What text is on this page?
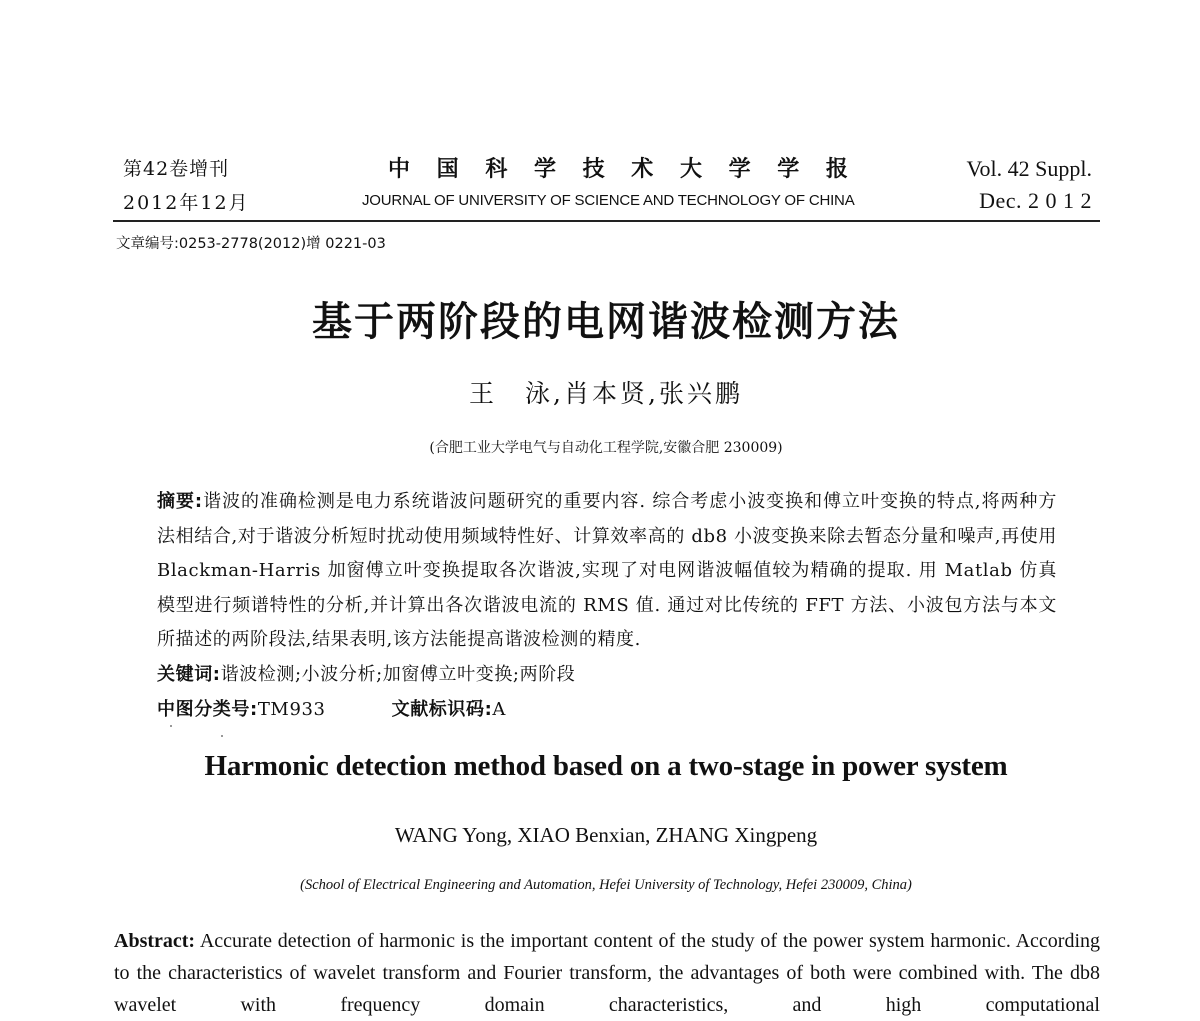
第42卷增刊
2012年12月
中 国 科 学 技 术 大 学 学 报
JOURNAL OF UNIVERSITY OF SCIENCE AND TECHNOLOGY OF CHINA
Vol. 42 Suppl.
Dec. 2 0 1 2
文章编号:0253-2778(2012)增 0221-03
基于两阶段的电网谐波检测方法
王　泳,肖本贤,张兴鹏
(合肥工业大学电气与自动化工程学院,安徽合肥 230009)

摘要:谐波的准确检测是电力系统谐波问题研究的重要内容. 综合考虑小波变换和傅立叶变换的特点,将两种方法相结合,对于谐波分析短时扰动使用频域特性好、计算效率高的 db8 小波变换来除去暂态分量和噪声,再使用 Blackman-Harris 加窗傅立叶变换提取各次谐波,实现了对电网谐波幅值较为精确的提取. 用 Matlab 仿真模型进行频谱特性的分析,并计算出各次谐波电流的 RMS 值. 通过对比传统的 FFT 方法、小波包方法与本文所描述的两阶段法,结果表明,该方法能提高谐波检测的精度.

关键词:谐波检测;小波分析;加窗傅立叶变换;两阶段

中图分类号:TM933	文献标识码:A

Harmonic detection method based on a two-stage in power system
WANG Yong, XIAO Benxian, ZHANG Xingpeng
(School of Electrical Engineering and Automation, Hefei University of Technology, Hefei 230009, China)

Abstract: Accurate detection of harmonic is the important content of the study of the power system harmonic. According to the characteristics of wavelet transform and Fourier transform, the advantages of both were combined with. The db8 wavelet with frequency domain characteristics, and high computational
